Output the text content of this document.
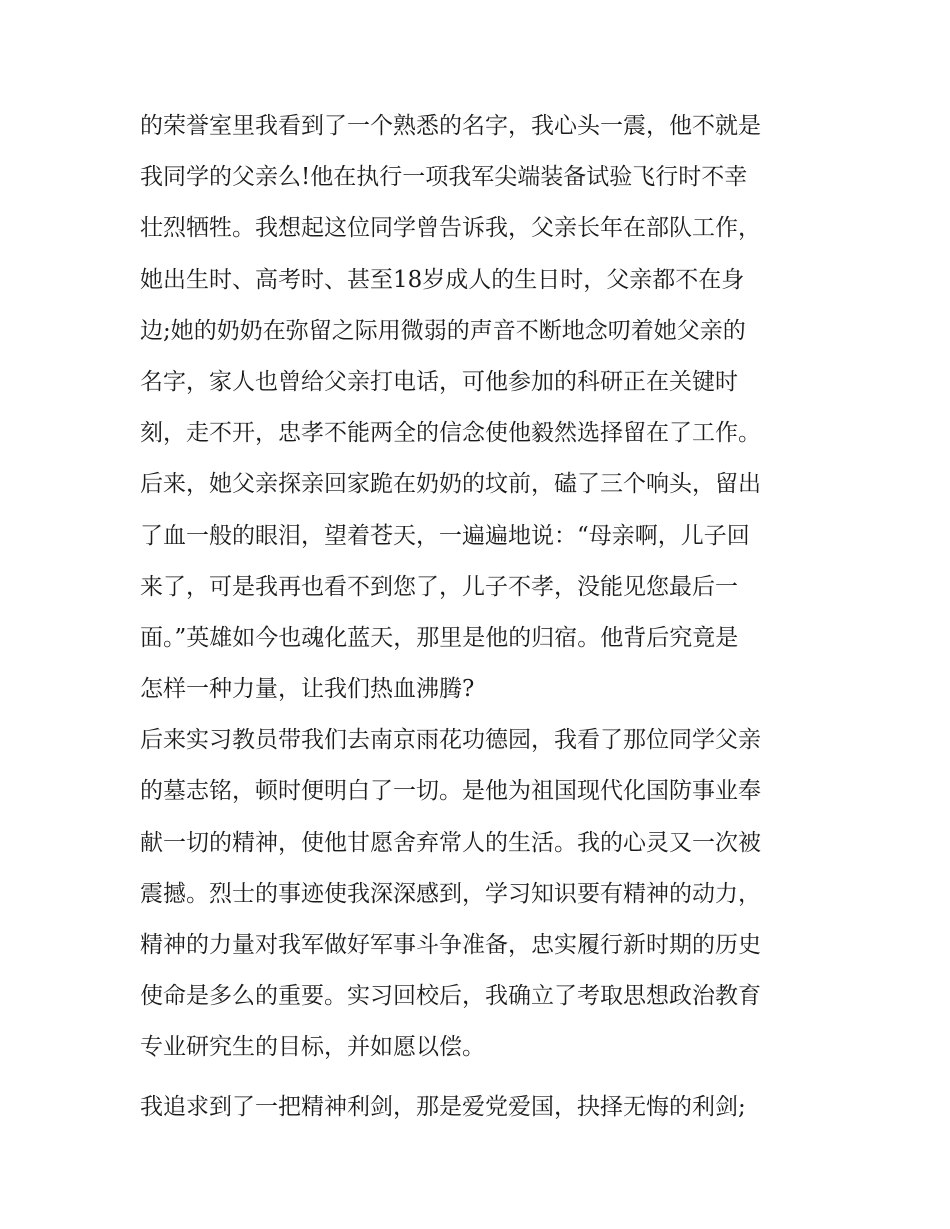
的荣誉室里我看到了一个熟悉的名字，我心头一震，他不就是
我同学的父亲么!他在执行一项我军尖端装备试验飞行时不幸
壮烈牺牲。我想起这位同学曾告诉我，父亲长年在部队工作，
她出生时、高考时、甚至18岁成人的生日时，父亲都不在身
边;她的奶奶在弥留之际用微弱的声音不断地念叨着她父亲的
名字，家人也曾给父亲打电话，可他参加的科研正在关键时
刻，走不开，忠孝不能两全的信念使他毅然选择留在了工作。
后来，她父亲探亲回家跪在奶奶的坟前，磕了三个响头，留出
了血一般的眼泪，望着苍天，一遍遍地说：“母亲啊，儿子回
来了，可是我再也看不到您了，儿子不孝，没能见您最后一
面。”英雄如今也魂化蓝天，那里是他的归宿。他背后究竟是
怎样一种力量，让我们热血沸腾?
后来实习教员带我们去南京雨花功德园，我看了那位同学父亲
的墓志铭，顿时便明白了一切。是他为祖国现代化国防事业奉
献一切的精神，使他甘愿舍弃常人的生活。我的心灵又一次被
震撼。烈士的事迹使我深深感到，学习知识要有精神的动力，
精神的力量对我军做好军事斗争准备，忠实履行新时期的历史
使命是多么的重要。实习回校后，我确立了考取思想政治教育
专业研究生的目标，并如愿以偿。
我追求到了一把精神利剑，那是爱党爱国，抉择无悔的利剑;
